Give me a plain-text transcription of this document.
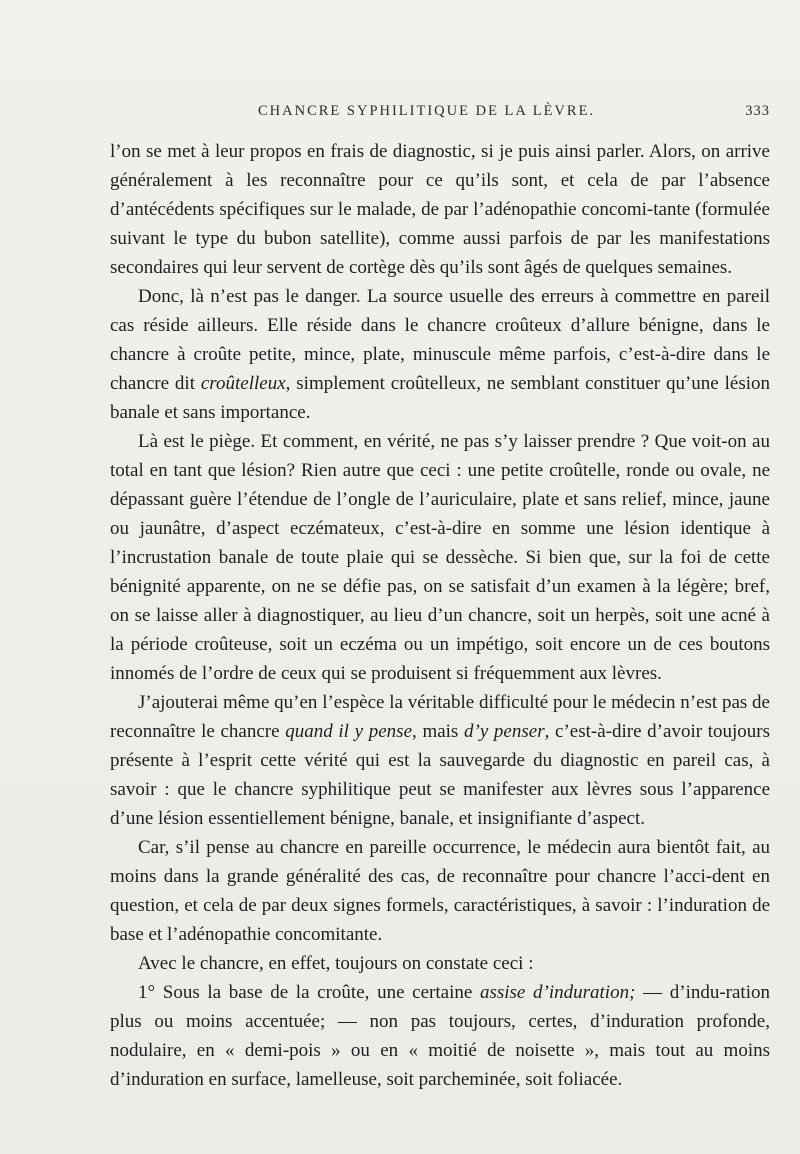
CHANCRE SYPHILITIQUE DE LA LÈVRE.	333

l’on se met à leur propos en frais de diagnostic, si je puis ainsi parler. Alors, on arrive généralement à les reconnaître pour ce qu’ils sont, et cela de par l’absence d’antécédents spécifiques sur le malade, de par l’adénopathie concomi-tante (formulée suivant le type du bubon satellite), comme aussi parfois de par les manifestations secondaires qui leur servent de cortège dès qu’ils sont âgés de quelques semaines.

Donc, là n’est pas le danger. La source usuelle des erreurs à commettre en pareil cas réside ailleurs. Elle réside dans le chancre croûteux d’allure bénigne, dans le chancre à croûte petite, mince, plate, minuscule même parfois, c’est-à-dire dans le chancre dit croûtelleux, simplement croûtelleux, ne semblant constituer qu’une lésion banale et sans importance.

Là est le piège. Et comment, en vérité, ne pas s’y laisser prendre ? Que voit-on au total en tant que lésion? Rien autre que ceci : une petite croûtelle, ronde ou ovale, ne dépassant guère l’étendue de l’ongle de l’auriculaire, plate et sans relief, mince, jaune ou jaunâtre, d’aspect eczémateux, c’est-à-dire en somme une lésion identique à l’incrustation banale de toute plaie qui se dessèche. Si bien que, sur la foi de cette bénignité apparente, on ne se défie pas, on se satisfait d’un examen à la légère; bref, on se laisse aller à diagnostiquer, au lieu d’un chancre, soit un herpès, soit une acné à la période croûteuse, soit un eczéma ou un impétigo, soit encore un de ces boutons innomés de l’ordre de ceux qui se produisent si fréquemment aux lèvres.

J’ajouterai même qu’en l’espèce la véritable difficulté pour le médecin n’est pas de reconnaître le chancre quand il y pense, mais d’y penser, c’est-à-dire d’avoir toujours présente à l’esprit cette vérité qui est la sauvegarde du diagnostic en pareil cas, à savoir : que le chancre syphilitique peut se manifester aux lèvres sous l’apparence d’une lésion essentiellement bénigne, banale, et insignifiante d’aspect.

Car, s’il pense au chancre en pareille occurrence, le médecin aura bientôt fait, au moins dans la grande généralité des cas, de reconnaître pour chancre l’acci-dent en question, et cela de par deux signes formels, caractéristiques, à savoir : l’induration de base et l’adénopathie concomitante.

Avec le chancre, en effet, toujours on constate ceci :

1° Sous la base de la croûte, une certaine assise d’induration; — d’indu-ration plus ou moins accentuée; — non pas toujours, certes, d’induration profonde, nodulaire, en « demi-pois » ou en « moitié de noisette », mais tout au moins d’induration en surface, lamelleuse, soit parcheminée, soit foliacée.
